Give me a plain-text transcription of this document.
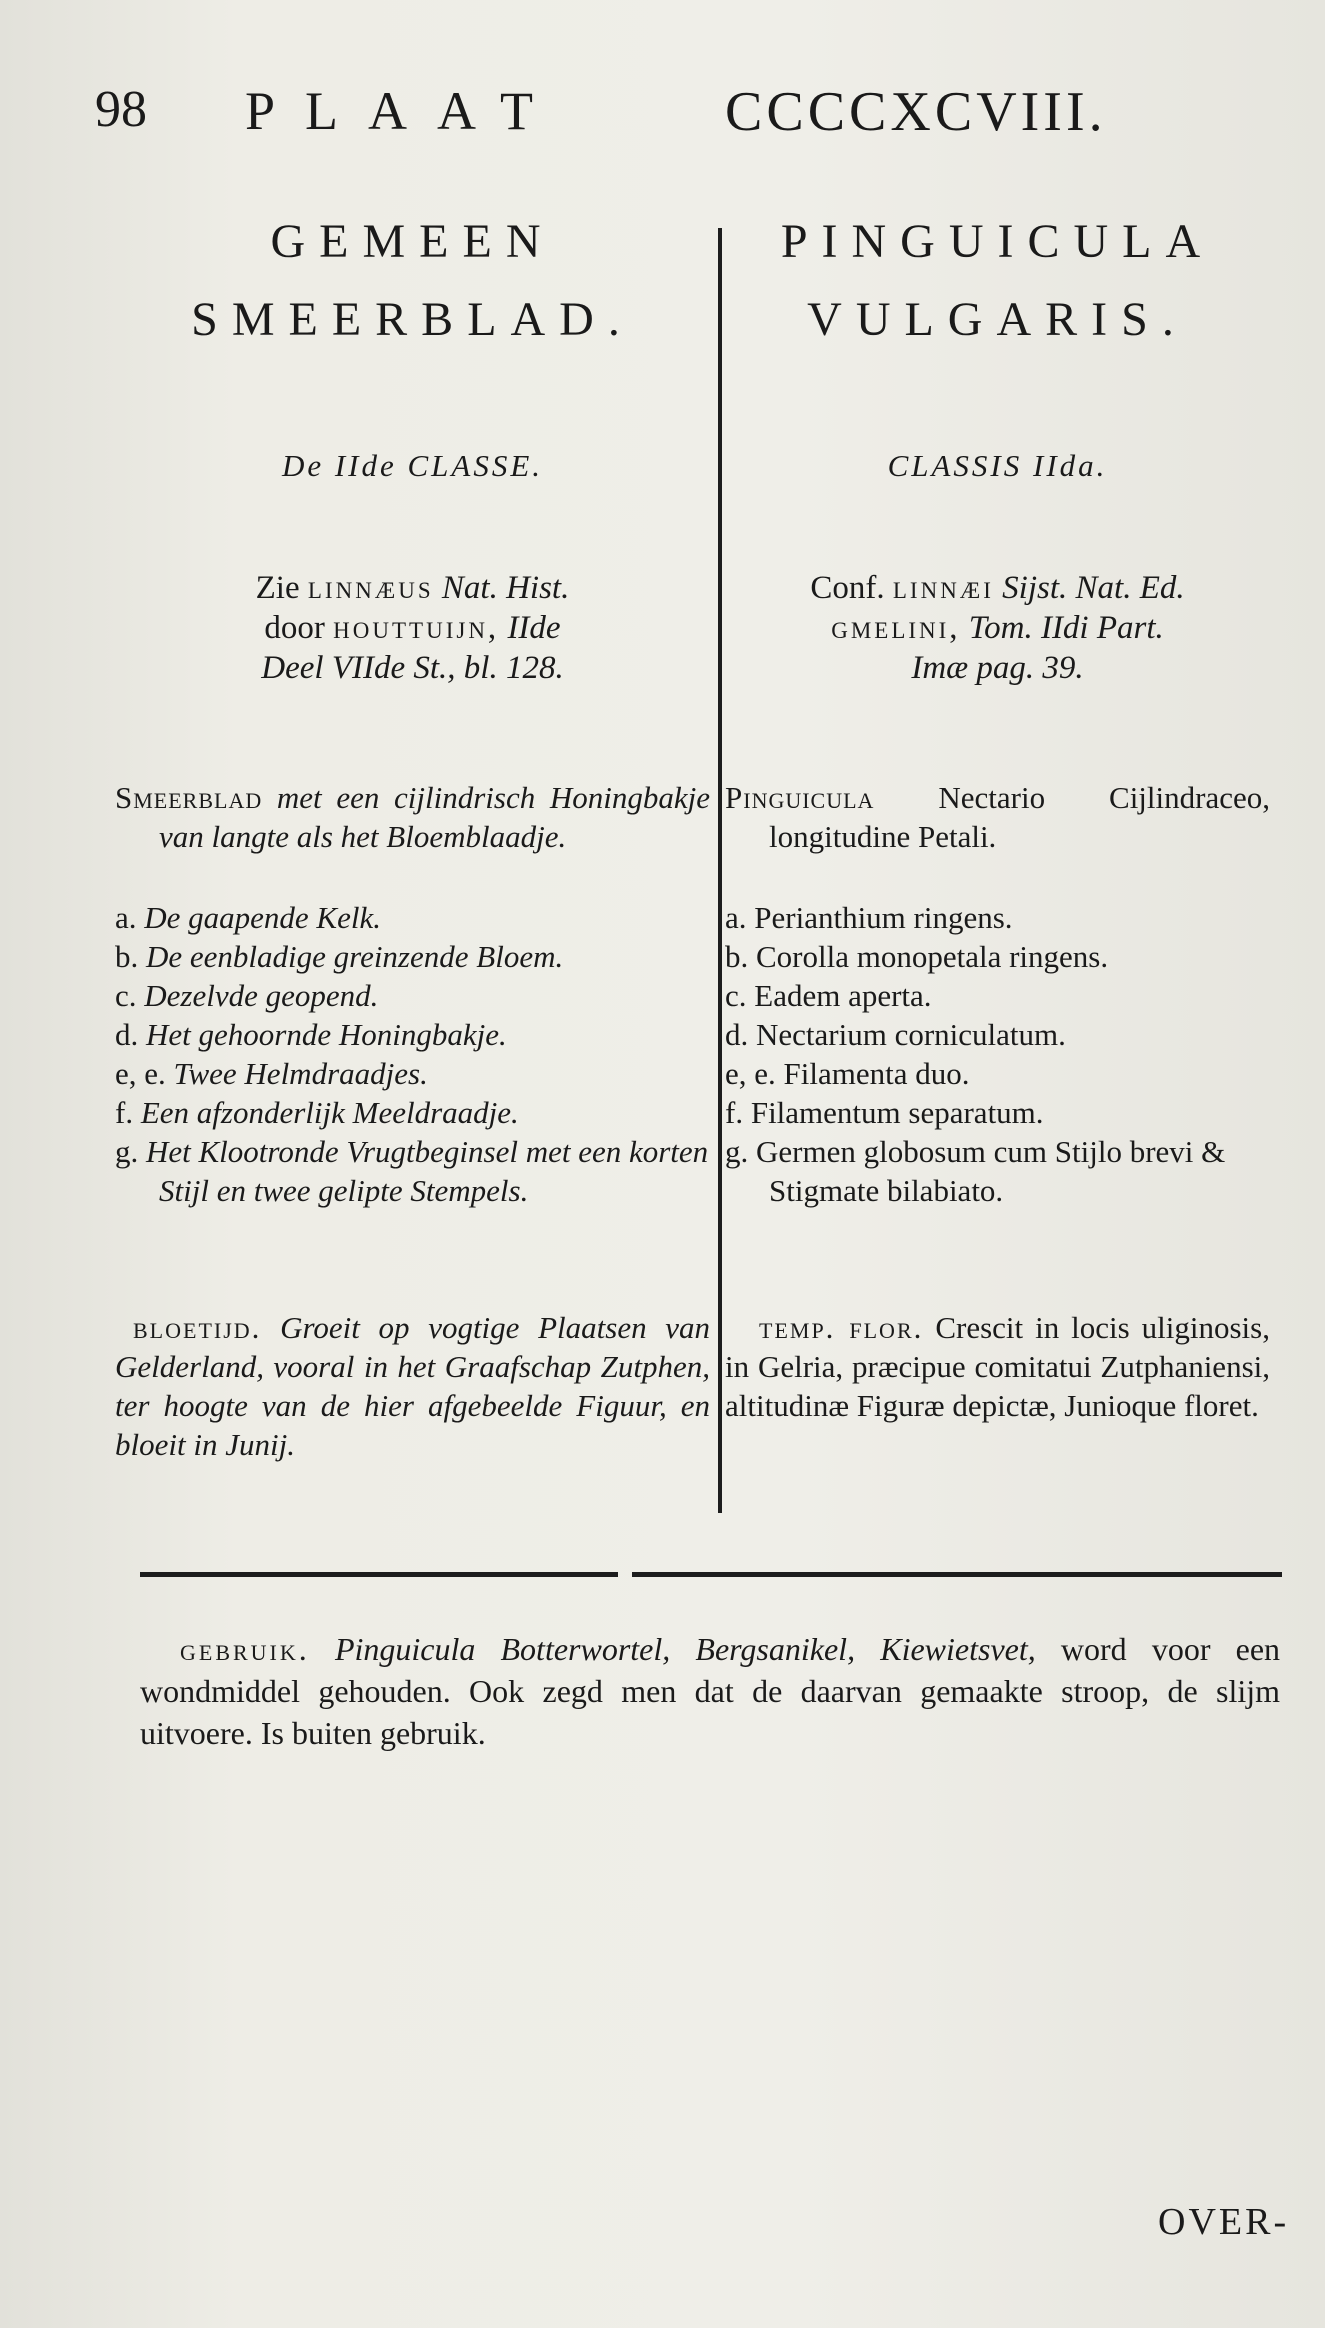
98 PLAAT	CCCCXCVIII.
GEMEEN
SMEERBLAD.
De IIde CLASSE.
Zie linnæus Nat. Hist.
door houttuijn, IIde
Deel VIIde St., bl. 128.
Smeerblad met een cijlindrisch Honingbakje van langte als het Bloemblaadje.
a. De gaapende Kelk.
b. De eenbladige greinzende Bloem.
c. Dezelvde geopend.
d. Het gehoornde Honingbakje.
e, e. Twee Helmdraadjes.
f. Een afzonderlijk Meeldraadje.
g. Het Klootronde Vrugtbeginsel met een korten Stijl en twee gelipte Stempels.
bloetijd. Groeit op vogtige Plaatsen van Gelderland, vooral in het Graafschap Zutphen, ter hoogte van de hier afgebeelde Figuur, en bloeit in Junij.
PINGUICULA
VULGARIS.
CLASSIS IIda.
Conf. linnæi Sijst. Nat. Ed.
gmelini, Tom. IIdi Part.
Imæ pag. 39.
Pinguicula Nectario Cijlindraceo, longitudine Petali.
a. Perianthium ringens.
b. Corolla monopetala ringens.
c. Eadem aperta.
d. Nectarium corniculatum.
e, e. Filamenta duo.
f. Filamentum separatum.
g. Germen globosum cum Stijlo brevi & Stigmate bilabiato.
temp. flor. Crescit in locis uliginosis, in Gelria, præcipue comitatui Zutphaniensi, altitudinæ Figuræ depictæ, Junioque floret.
gebruik. Pinguicula Botterwortel, Bergsanikel, Kiewietsvet, word voor een wondmiddel gehouden. Ook zegd men dat de daarvan gemaakte stroop, de slijm uitvoere. Is buiten gebruik.
OVER-
